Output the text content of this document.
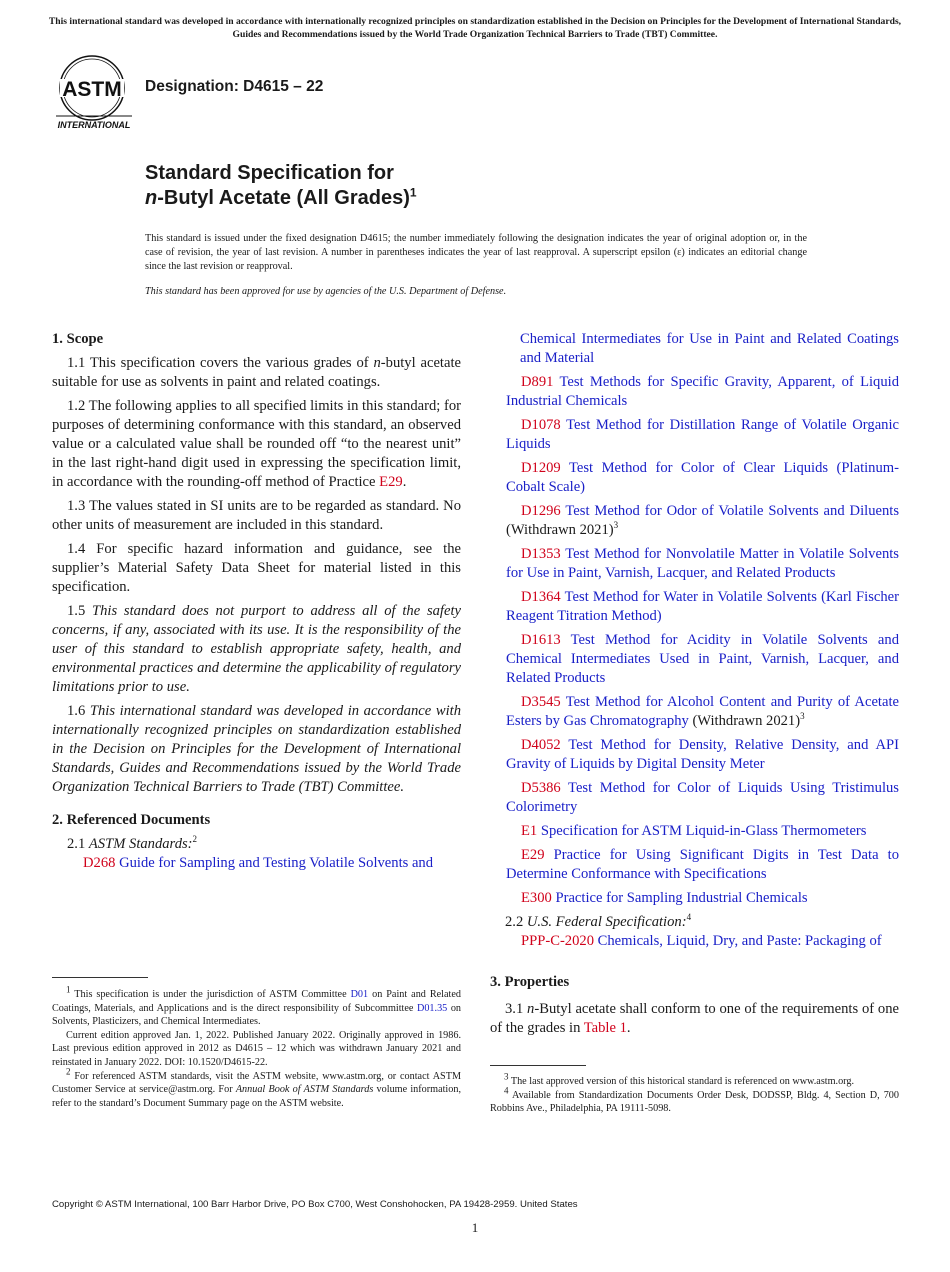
This international standard was developed in accordance with internationally recognized principles on standardization established in the Decision on Principles for the Development of International Standards, Guides and Recommendations issued by the World Trade Organization Technical Barriers to Trade (TBT) Committee.
ASTM
INTERNATIONAL
Designation: D4615 – 22
Standard Specification for
n-Butyl Acetate (All Grades)$^1$
This standard is issued under the fixed designation D4615; the number immediately following the designation indicates the year of original adoption or, in the case of revision, the year of last revision. A number in parentheses indicates the year of last reapproval. A superscript epsilon (ε) indicates an editorial change since the last revision or reapproval.
This standard has been approved for use by agencies of the U.S. Department of Defense.
1. Scope

1.1 This specification covers the various grades of n-butyl acetate suitable for use as solvents in paint and related coatings.

1.2 The following applies to all specified limits in this standard; for purposes of determining conformance with this standard, an observed value or a calculated value shall be rounded off “to the nearest unit” in the last right-hand digit used in expressing the specification limit, in accordance with the rounding-off method of Practice E29.

1.3 The values stated in SI units are to be regarded as standard. No other units of measurement are included in this standard.

1.4 For specific hazard information and guidance, see the supplier’s Material Safety Data Sheet for material listed in this specification.

1.5 This standard does not purport to address all of the safety concerns, if any, associated with its use. It is the responsibility of the user of this standard to establish appropriate safety, health, and environmental practices and determine the applicability of regulatory limitations prior to use.

1.6 This international standard was developed in accordance with internationally recognized principles on standardization established in the Decision on Principles for the Development of International Standards, Guides and Recommendations issued by the World Trade Organization Technical Barriers to Trade (TBT) Committee.

2. Referenced Documents

2.1 ASTM Standards:$^2$

D268 Guide for Sampling and Testing Volatile Solvents and

Chemical Intermediates for Use in Paint and Related Coatings and Material

D891 Test Methods for Specific Gravity, Apparent, of Liquid Industrial Chemicals

D1078 Test Method for Distillation Range of Volatile Organic Liquids

D1209 Test Method for Color of Clear Liquids (Platinum-Cobalt Scale)

D1296 Test Method for Odor of Volatile Solvents and Diluents (Withdrawn 2021)$^3$

D1353 Test Method for Nonvolatile Matter in Volatile Solvents for Use in Paint, Varnish, Lacquer, and Related Products

D1364 Test Method for Water in Volatile Solvents (Karl Fischer Reagent Titration Method)

D1613 Test Method for Acidity in Volatile Solvents and Chemical Intermediates Used in Paint, Varnish, Lacquer, and Related Products

D3545 Test Method for Alcohol Content and Purity of Acetate Esters by Gas Chromatography (Withdrawn 2021)$^3$

D4052 Test Method for Density, Relative Density, and API Gravity of Liquids by Digital Density Meter

D5386 Test Method for Color of Liquids Using Tristimulus Colorimetry

E1 Specification for ASTM Liquid-in-Glass Thermometers

E29 Practice for Using Significant Digits in Test Data to Determine Conformance with Specifications

E300 Practice for Sampling Industrial Chemicals

2.2 U.S. Federal Specification:$^4$

PPP-C-2020 Chemicals, Liquid, Dry, and Paste: Packaging of

3. Properties

3.1 n-Butyl acetate shall conform to one of the requirements of one of the grades in Table 1.

$^1$ This specification is under the jurisdiction of ASTM Committee D01 on Paint and Related Coatings, Materials, and Applications and is the direct responsibility of Subcommittee D01.35 on Solvents, Plasticizers, and Chemical Intermediates.

Current edition approved Jan. 1, 2022. Published January 2022. Originally approved in 1986. Last previous edition approved in 2012 as D4615 – 12 which was withdrawn January 2021 and reinstated in January 2022. DOI: 10.1520/D4615-22.

$^2$ For referenced ASTM standards, visit the ASTM website, www.astm.org, or contact ASTM Customer Service at service@astm.org. For Annual Book of ASTM Standards volume information, refer to the standard’s Document Summary page on the ASTM website.

$^3$ The last approved version of this historical standard is referenced on www.astm.org.

$^4$ Available from Standardization Documents Order Desk, DODSSP, Bldg. 4, Section D, 700 Robbins Ave., Philadelphia, PA 19111-5098.

Copyright © ASTM International, 100 Barr Harbor Drive, PO Box C700, West Conshohocken, PA 19428-2959. United States
1
